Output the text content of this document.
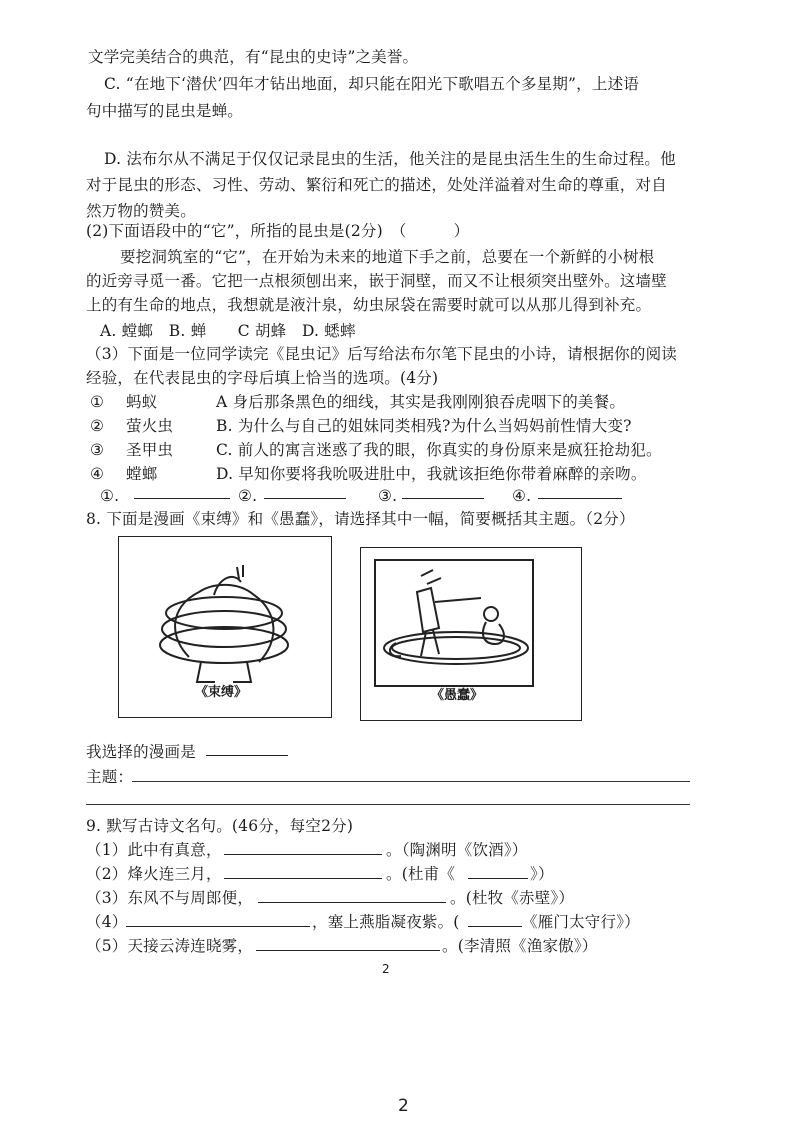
文学完美结合的典范，有“昆虫的史诗”之美誉。
C. “在地下‘潜伏’四年才钻出地面，却只能在阳光下歌唱五个多星期”，上述语
句中描写的昆虫是蝉。
D. 法布尔从不满足于仅仅记录昆虫的生活，他关注的是昆虫活生生的生命过程。他
对于昆虫的形态、习性、劳动、繁衍和死亡的描述，处处洋溢着对生命的尊重，对自
然万物的赞美。
(2)下面语段中的“它”，所指的昆虫是(2分)　（　　　）
要挖洞筑室的“它”，在开始为未来的地道下手之前，总要在一个新鲜的小树根
的近旁寻觅一番。它把一点根须刨出来，嵌于洞壁，而又不让根须突出壁外。这墙壁
上的有生命的地点，我想就是液汁泉，幼虫尿袋在需要时就可以从那儿得到补充。
A. 螳螂　B. 蝉　　C 胡蜂　D. 蟋蟀
（3）下面是一位同学读完《昆虫记》后写给法布尔笔下昆虫的小诗，请根据你的阅读
经验，在代表昆虫的字母后填上恰当的选项。(4分)
① 蚂蚁	A 身后那条黑色的细线，其实是我刚刚狼吞虎咽下的美餐。
② 萤火虫	B. 为什么与自己的姐妹同类相残?为什么当妈妈前性情大变?
③ 圣甲虫	C. 前人的寓言迷惑了我的眼，你真实的身份原来是疯狂抢劫犯。
④ 螳螂	D. 早知你要将我吮吸进肚中，我就该拒绝你带着麻醉的亲吻。
①.	②.	③.	④.
8. 下面是漫画《束缚》和《愚蠢》，请选择其中一幅，简要概括其主题。（2分）
《束缚》	《愚蠢》
我选择的漫画是
主题：
9. 默写古诗文名句。(46分，每空2分)
（1）此中有真意，	。（陶渊明《饮酒》）
（2）烽火连三月，	。(杜甫《	》）
（3）东风不与周郎便，	。(杜牧《赤壁》）
（4）	，塞上燕脂凝夜紫。(	《雁门太守行》）
（5）天接云涛连晓雾，	。(李清照《渔家傲》）
2
2
